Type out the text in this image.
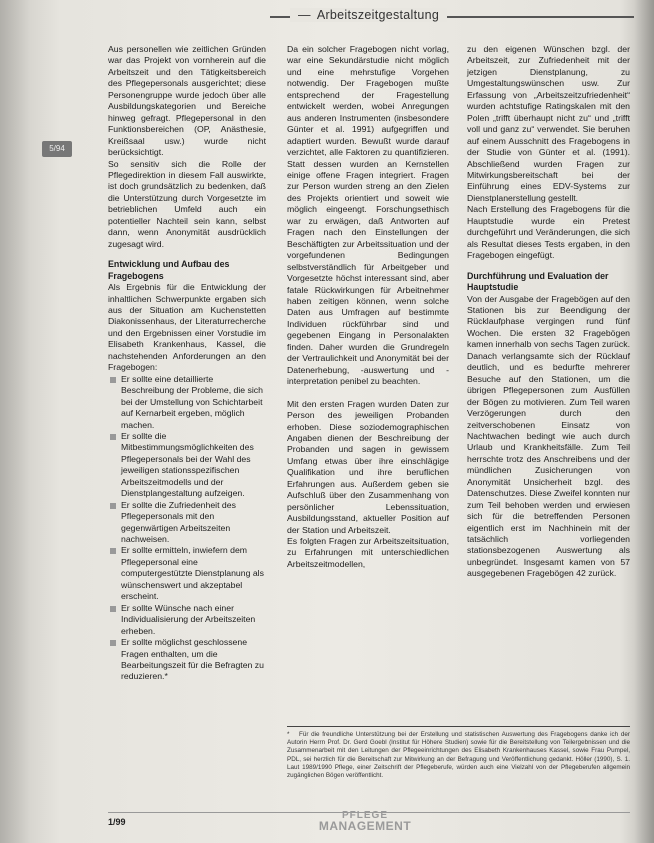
— Arbeitszeitgestaltung
5/94

Aus personellen wie zeitlichen Gründen war das Projekt von vornherein auf die Arbeitszeit und den Tätigkeitsbereich des Pflegepersonals ausgerichtet; diese Personengruppe wurde jedoch über alle Ausbildungskategorien und Bereiche hinweg gefragt. Pflegepersonal in den Funktionsbereichen (OP, Anästhesie, Kreißsaal usw.) wurde nicht berücksichtigt.

So sensitiv sich die Rolle der Pflegedirektion in diesem Fall auswirkte, ist doch grundsätzlich zu bedenken, daß die Unterstützung durch Vorgesetzte im betrieblichen Umfeld auch ein potentieller Nachteil sein kann, selbst dann, wenn Anonymität ausdrücklich zugesagt wird.

Entwicklung und Aufbau des Fragebogens

Als Ergebnis für die Entwicklung der inhaltlichen Schwerpunkte ergaben sich aus der Situation am Kuchenstetten Diakonissenhaus, der Literaturrecherche und den Ergebnissen einer Vorstudie im Elisabeth Krankenhaus, Kassel, die nachstehenden Anforderungen an den Fragebogen:

Er sollte eine detaillierte Beschreibung der Probleme, die sich bei der Umstellung von Schichtarbeit auf Kernarbeit ergeben, möglich machen.
Er sollte die Mitbestimmungsmöglichkeiten des Pflegepersonals bei der Wahl des jeweiligen stationsspezifischen Arbeitszeitmodells und der Dienstplangestaltung aufzeigen.
Er sollte die Zufriedenheit des Pflegepersonals mit den gegenwärtigen Arbeitszeiten nachweisen.
Er sollte ermitteln, inwiefern dem Pflegepersonal eine computergestützte Dienstplanung als wünschenswert und akzeptabel erscheint.
Er sollte Wünsche nach einer Individualisierung der Arbeitszeiten erheben.
Er sollte möglichst geschlossene Fragen enthalten, um die Bearbeitungszeit für die Befragten zu reduzieren.*

Da ein solcher Fragebogen nicht vorlag, war eine Sekundärstudie nicht möglich und eine mehrstufige Vorgehen notwendig. Der Fragebogen mußte entsprechend der Fragestellung entwickelt werden, wobei Anregungen aus anderen Instrumenten (insbesondere Günter et al. 1991) aufgegriffen und adaptiert wurden. Bewußt wurde darauf verzichtet, alle Faktoren zu quantifizieren. Statt dessen wurden an Kernstellen einige offene Fragen integriert. Fragen zur Person wurden streng an den Zielen des Projekts orientiert und soweit wie möglich eingeengt. Forschungsethisch war zu erwägen, daß Antworten auf Fragen nach den Einstellungen der Beschäftigten zur Arbeitssituation und der vorgefundenen Bedingungen selbstverständlich für Arbeitgeber und Vorgesetzte höchst interessant sind, aber fatale Rückwirkungen für Arbeitnehmer haben zeitigen können, wenn solche Daten aus Umfragen auf bestimmte Individuen rückführbar sind und gegebenen Eingang in Personalakten finden. Daher wurden die Grundregeln der Vertraulichkeit und Anonymität bei der Datenerhebung, -auswertung und -interpretation penibel zu beachten.

Mit den ersten Fragen wurden Daten zur Person des jeweiligen Probanden erhoben. Diese soziodemographischen Angaben dienen der Beschreibung der Probanden und sagen in gewissem Umfang etwas über ihre einschlägige Qualifikation und ihre beruflichen Erfahrungen aus. Außerdem geben sie Aufschluß über den Zusammenhang von persönlicher Lebenssituation, Ausbildungsstand, aktueller Position auf der Station und Arbeitszeit.

Es folgten Fragen zur Arbeitszeitsituation, zu Erfahrungen mit unterschiedlichen Arbeitszeitmodellen,

zu den eigenen Wünschen bzgl. der Arbeitszeit, zur Zufriedenheit mit der jetzigen Dienstplanung, zu Umgestaltungswünschen usw. Zur Erfassung von „Arbeitszeitzufriedenheit“ wurden achtstufige Ratingskalen mit den Polen „trifft überhaupt nicht zu“ und „trifft voll und ganz zu“ verwendet. Sie beruhen auf einem Ausschnitt des Fragebogens in der Studie von Günter et al. (1991). Abschließend wurden Fragen zur Mitwirkungsbereitschaft bei der Einführung eines EDV-Systems zur Dienstplanerstellung gestellt.

Nach Erstellung des Fragebogens für die Hauptstudie wurde ein Pretest durchgeführt und Veränderungen, die sich als Resultat dieses Tests ergaben, in den Fragebogen eingefügt.

Durchführung und Evaluation der Hauptstudie

Von der Ausgabe der Fragebögen auf den Stationen bis zur Beendigung der Rücklaufphase vergingen rund fünf Wochen. Die ersten 32 Fragebögen kamen innerhalb von sechs Tagen zurück. Danach verlangsamte sich der Rücklauf deutlich, und es bedurfte mehrerer Besuche auf den Stationen, um die übrigen Pflegepersonen zum Ausfüllen der Bögen zu motivieren. Zum Teil waren Verzögerungen durch den zeitverschobenen Einsatz von Nachtwachen bedingt wie auch durch Urlaub und Krankheitsfälle. Zum Teil herrschte trotz des Anschreibens und der mündlichen Zusicherungen von Anonymität Unsicherheit bzgl. des Datenschutzes. Diese Zweifel konnten nur zum Teil behoben werden und erwiesen sich für die betreffenden Personen eigentlich erst im Nachhinein mit der tatsächlich vorliegenden stationsbezogenen Auswertung als unbegründet. Insgesamt kamen von 57 ausgegebenen Fragebögen 42 zurück.

* Für die freundliche Unterstützung bei der Erstellung und statistischen Auswertung des Fragebogens danke ich der Autorin Herrn Prof. Dr. Gerd Goebl (Institut für Höhere Studien) sowie für die Bereitstellung von Teilergebnissen und die Zusammenarbeit mit den Leitungen der Pflegeeinrichtungen des Elisabeth Krankenhauses Kassel, sowie Frau Pumpel, PDL, sei herzlich für die Bereitschaft zur Mitwirkung an der Befragung und Veröffentlichung gedankt. Höller (1990), S. 1. Laut 1989/1990 Pflege, einer Zeitschrift der Pflegeberufe, würden auch eine Vielzahl von der Pflegeberufen allgemein zugänglichen Bögen veröffentlicht.
1/99
PFLEGE
MANAGEMENT
